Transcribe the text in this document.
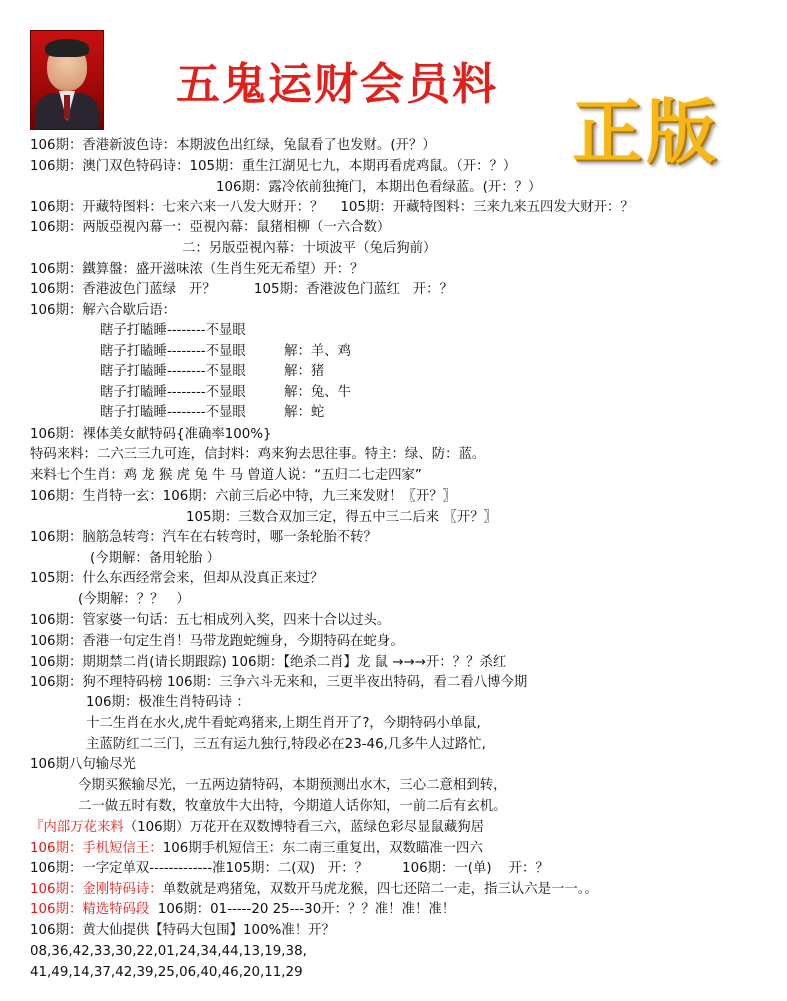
五鬼运财会员料
正版
106期：香港新波色诗：本期波色出红绿，兔鼠看了也发财。(开？）
106期：澳门双色特码诗：105期：重生江湖见七九，本期再看虎鸡鼠。（开：？）
106期：露冷依前独掩门，本期出色看绿蓝。(开：？）
106期：开藏特图料：七来六来一八发大财开：？    105期：开藏特图料：三来九来五四发大财开：？
106期：两版亞視內幕一：亞視內幕：鼠猪相柳（一六合数）
二：另版亞視內幕：十顷波平（兔后狗前）
106期：鐵算盤：盛开滋味浓（生肖生死无希望）开：？
106期：香港波色门蓝绿   开？         105期：香港波色门蓝红   开：？
106期：解六合歇后语：
瞎子打瞌睡--------不显眼
瞎子打瞌睡--------不显眼         解：羊、鸡
瞎子打瞌睡--------不显眼         解：猪
瞎子打瞌睡--------不显眼         解：兔、牛
瞎子打瞌睡--------不显眼         解：蛇
106期：裸体美女献特码{准确率100%}
特码来料：二六三三九可连，信封料：鸡来狗去思往事。特主：绿、防：蓝。
来料七个生肖：鸡 龙 猴 虎 兔 牛 马 曾道人说：“五归二七走四家”
106期：生肖特一玄：106期：六前三后必中特，九三来发财！〖开？〗
105期：三数合双加三定，得五中三二后来 〖开？〗
106期：脑筋急转弯：汽车在右转弯时，哪一条轮胎不转？
(今期解：备用轮胎 ）
105期：什么东西经常会来，但却从没真正来过？
(今期解：？？   ）
106期：管家婆一句话：五七相成列入奖，四来十合以过头。
106期：香港一句定生肖！马带龙跑蛇缠身，今期特码在蛇身。
106期：期期禁二肖(请长期跟踪) 106期：【绝杀二肖】龙 鼠 →→→开：？？杀红
106期：狗不理特码榜 106期：三争六斗无来和，三更半夜出特码，看二看八博今期
106期：极准生肖特码诗 ：
十二生肖在水火,虎牛看蛇鸡猪来,上期生肖开了?，今期特码小单鼠,
主蓝防红二三门，三五有运九独行,特段必在23-46,几多牛人过路忙,
106期八句输尽光
今期买猴输尽光，一五两边猜特码，本期预测出水木，三心二意相到转，
二一做五时有数，牧童放牛大出特，今期道人话你知，一前二后有玄机。
『内部万花来料（106期）万花开在双数博特看三六，蓝绿色彩尽显鼠藏狗居
106期：手机短信王：106期手机短信王：东二南三重复出，双数瞄准一四六
106期：一字定单双-------------准105期：二(双)   开：？        106期：一(单)    开：？
106期：金刚特码诗：单数就是鸡猪兔，双数开马虎龙猴，四七还陪二一走，指三认六是一一。。
106期：精选特码段  106期：01-----20 25---30开：？？准！准！准！
106期：黄大仙提供【特码大包围】100%准！开？
08,36,42,33,30,22,01,24,34,44,13,19,38,
41,49,14,37,42,39,25,06,40,46,20,11,29
